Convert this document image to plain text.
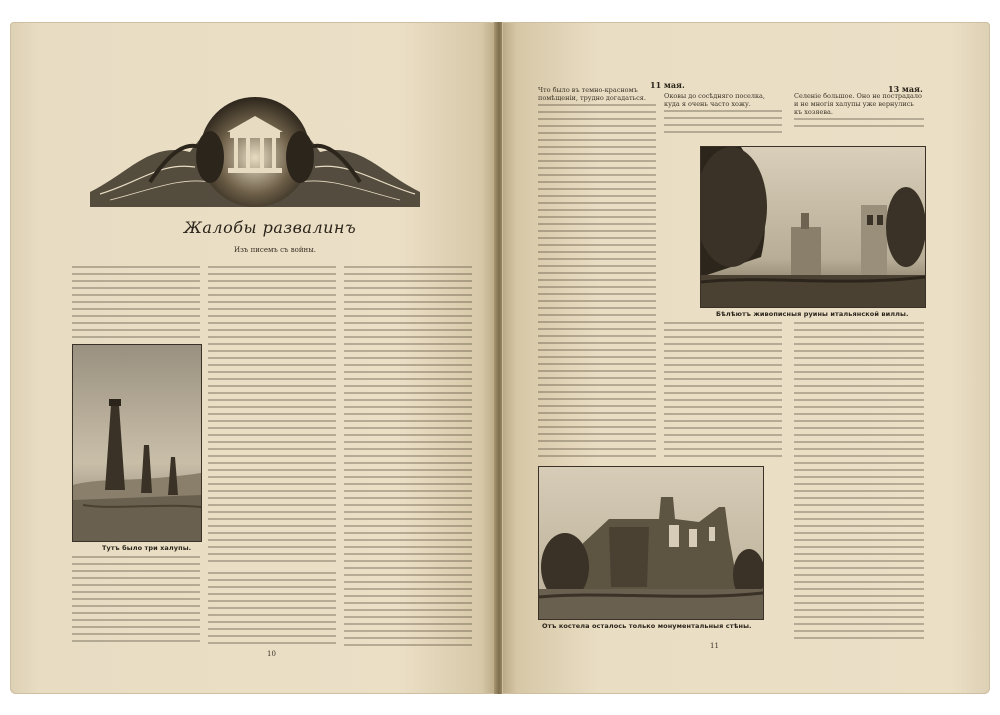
Жалобы развалинъ
Изъ писемъ съ войны.
Тутъ было три халупы.
10
11 мая.	13 мая.
Что было въ темно-красномъ помѣщеніи, трудно догадаться.	Оковы до сосѣдняго поселка, куда я очень часто хожу.
Селеніе большое. Оно не пострадало и не многія халупы уже вернулись къ хозяева.
Бѣлѣютъ живописныя руины итальянской виллы.
Отъ костела осталось только монументальныя стѣны.
11
